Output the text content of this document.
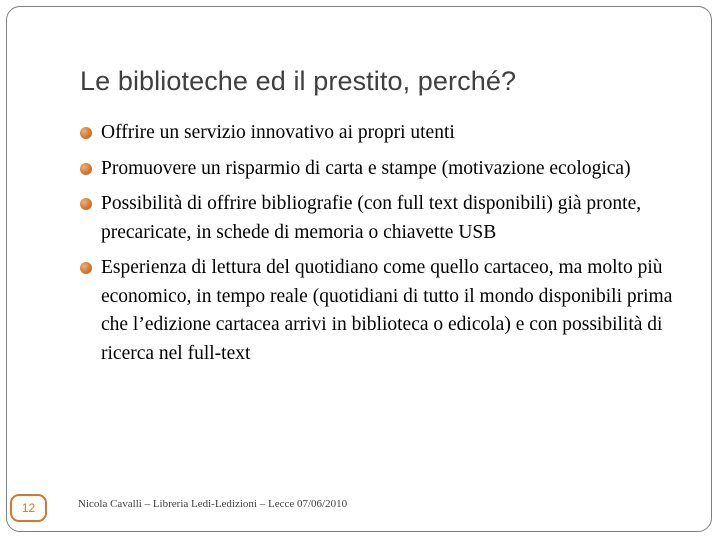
Le biblioteche ed il prestito, perché?
Offrire un servizio innovativo ai propri utenti
Promuovere un risparmio di carta e stampe (motivazione ecologica)
Possibilità di offrire bibliografie (con full text disponibili) già pronte, precaricate, in schede di memoria o chiavette USB
Esperienza di lettura del quotidiano come quello cartaceo, ma molto più economico, in tempo reale (quotidiani di tutto il mondo disponibili prima che l’edizione cartacea arrivi in biblioteca o edicola) e con possibilità di ricerca nel full-text
12	Nicola Cavalli – Libreria Ledi-Ledizioni – Lecce 07/06/2010
